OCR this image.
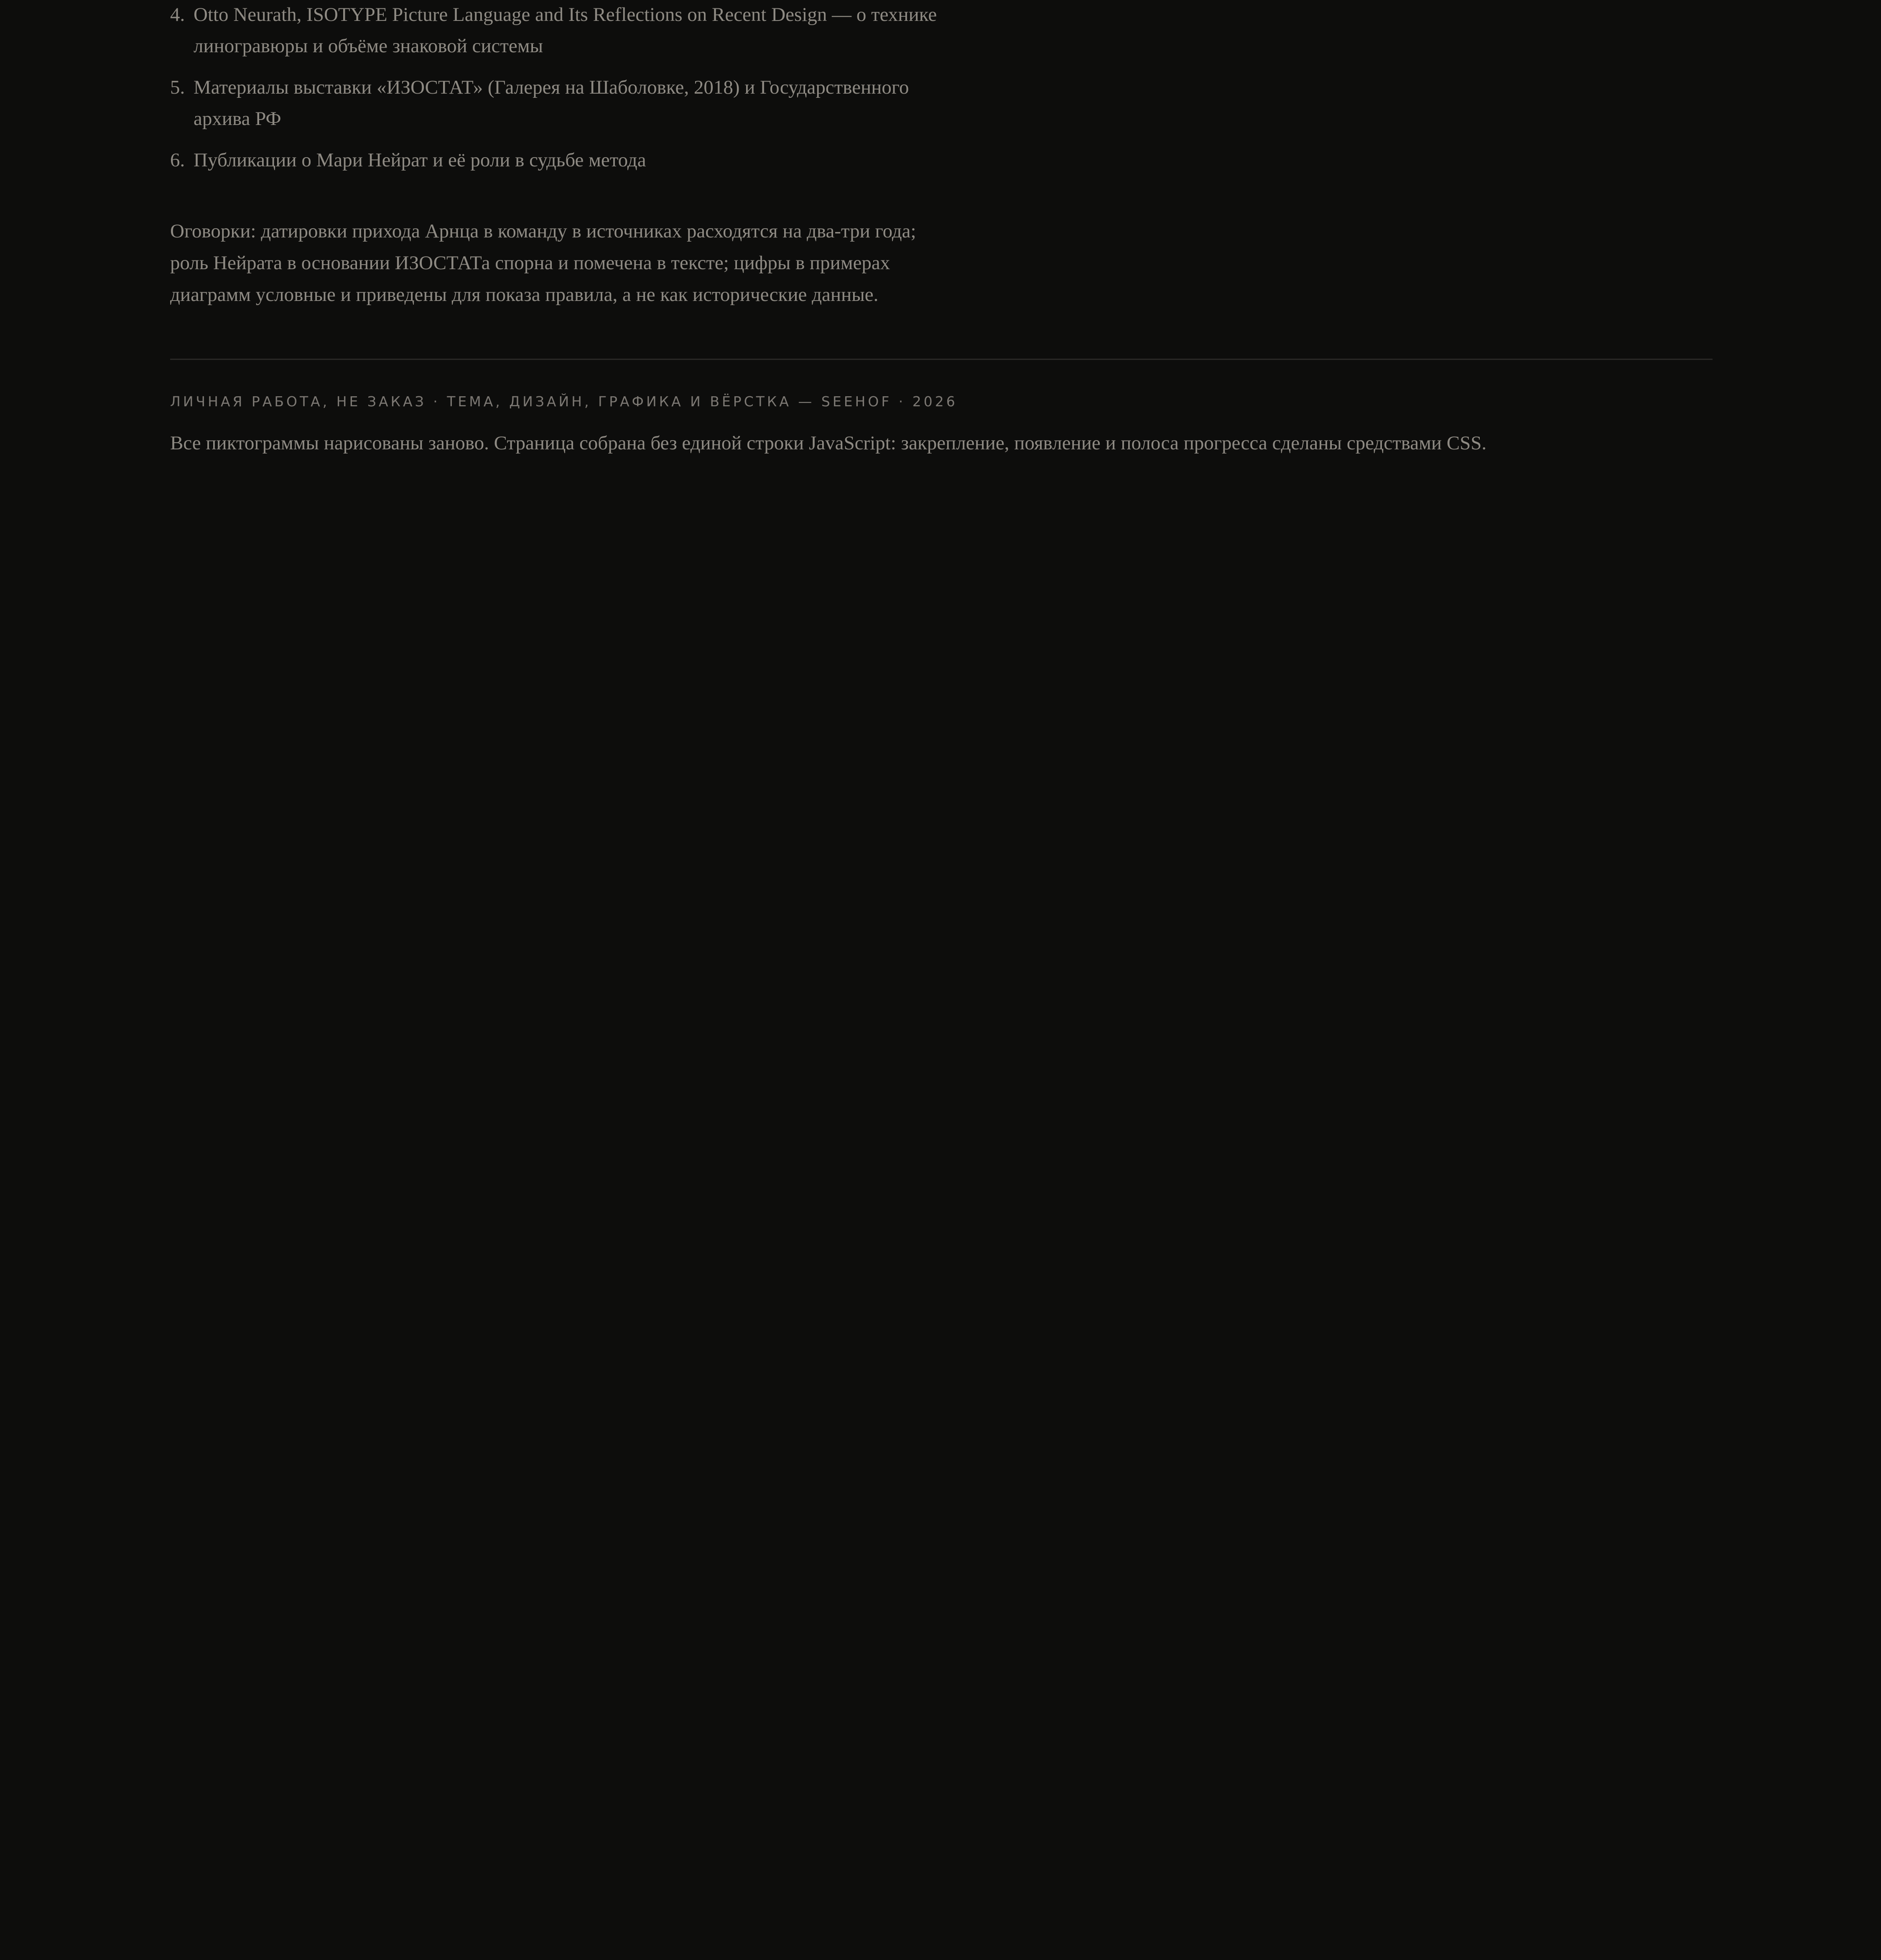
4. Otto Neurath, ISOTYPE Picture Language and Its Reflections on Recent Design — о технике линогравюры и объёме знаковой системы
5. Материалы выставки «ИЗОСТАТ» (Галерея на Шаболовке, 2018) и Государственного архива РФ
6. Публикации о Мари Нейрат и её роли в судьбе метода

Оговорки: датировки прихода Арнца в команду в источниках расходятся на два-три года; роль Нейрата в основании ИЗОСТАТа спорна и помечена в тексте; цифры в примерах диаграмм условные и приведены для показа правила, а не как исторические данные.

ЛИЧНАЯ РАБОТА, НЕ ЗАКАЗ · ТЕМА, ДИЗАЙН, ГРАФИКА И ВЁРСТКА — SEEHOF · 2026
Все пиктограммы нарисованы заново. Страница собрана без единой строки JavaScript: закрепление, появление и полоса прогресса сделаны средствами CSS.
